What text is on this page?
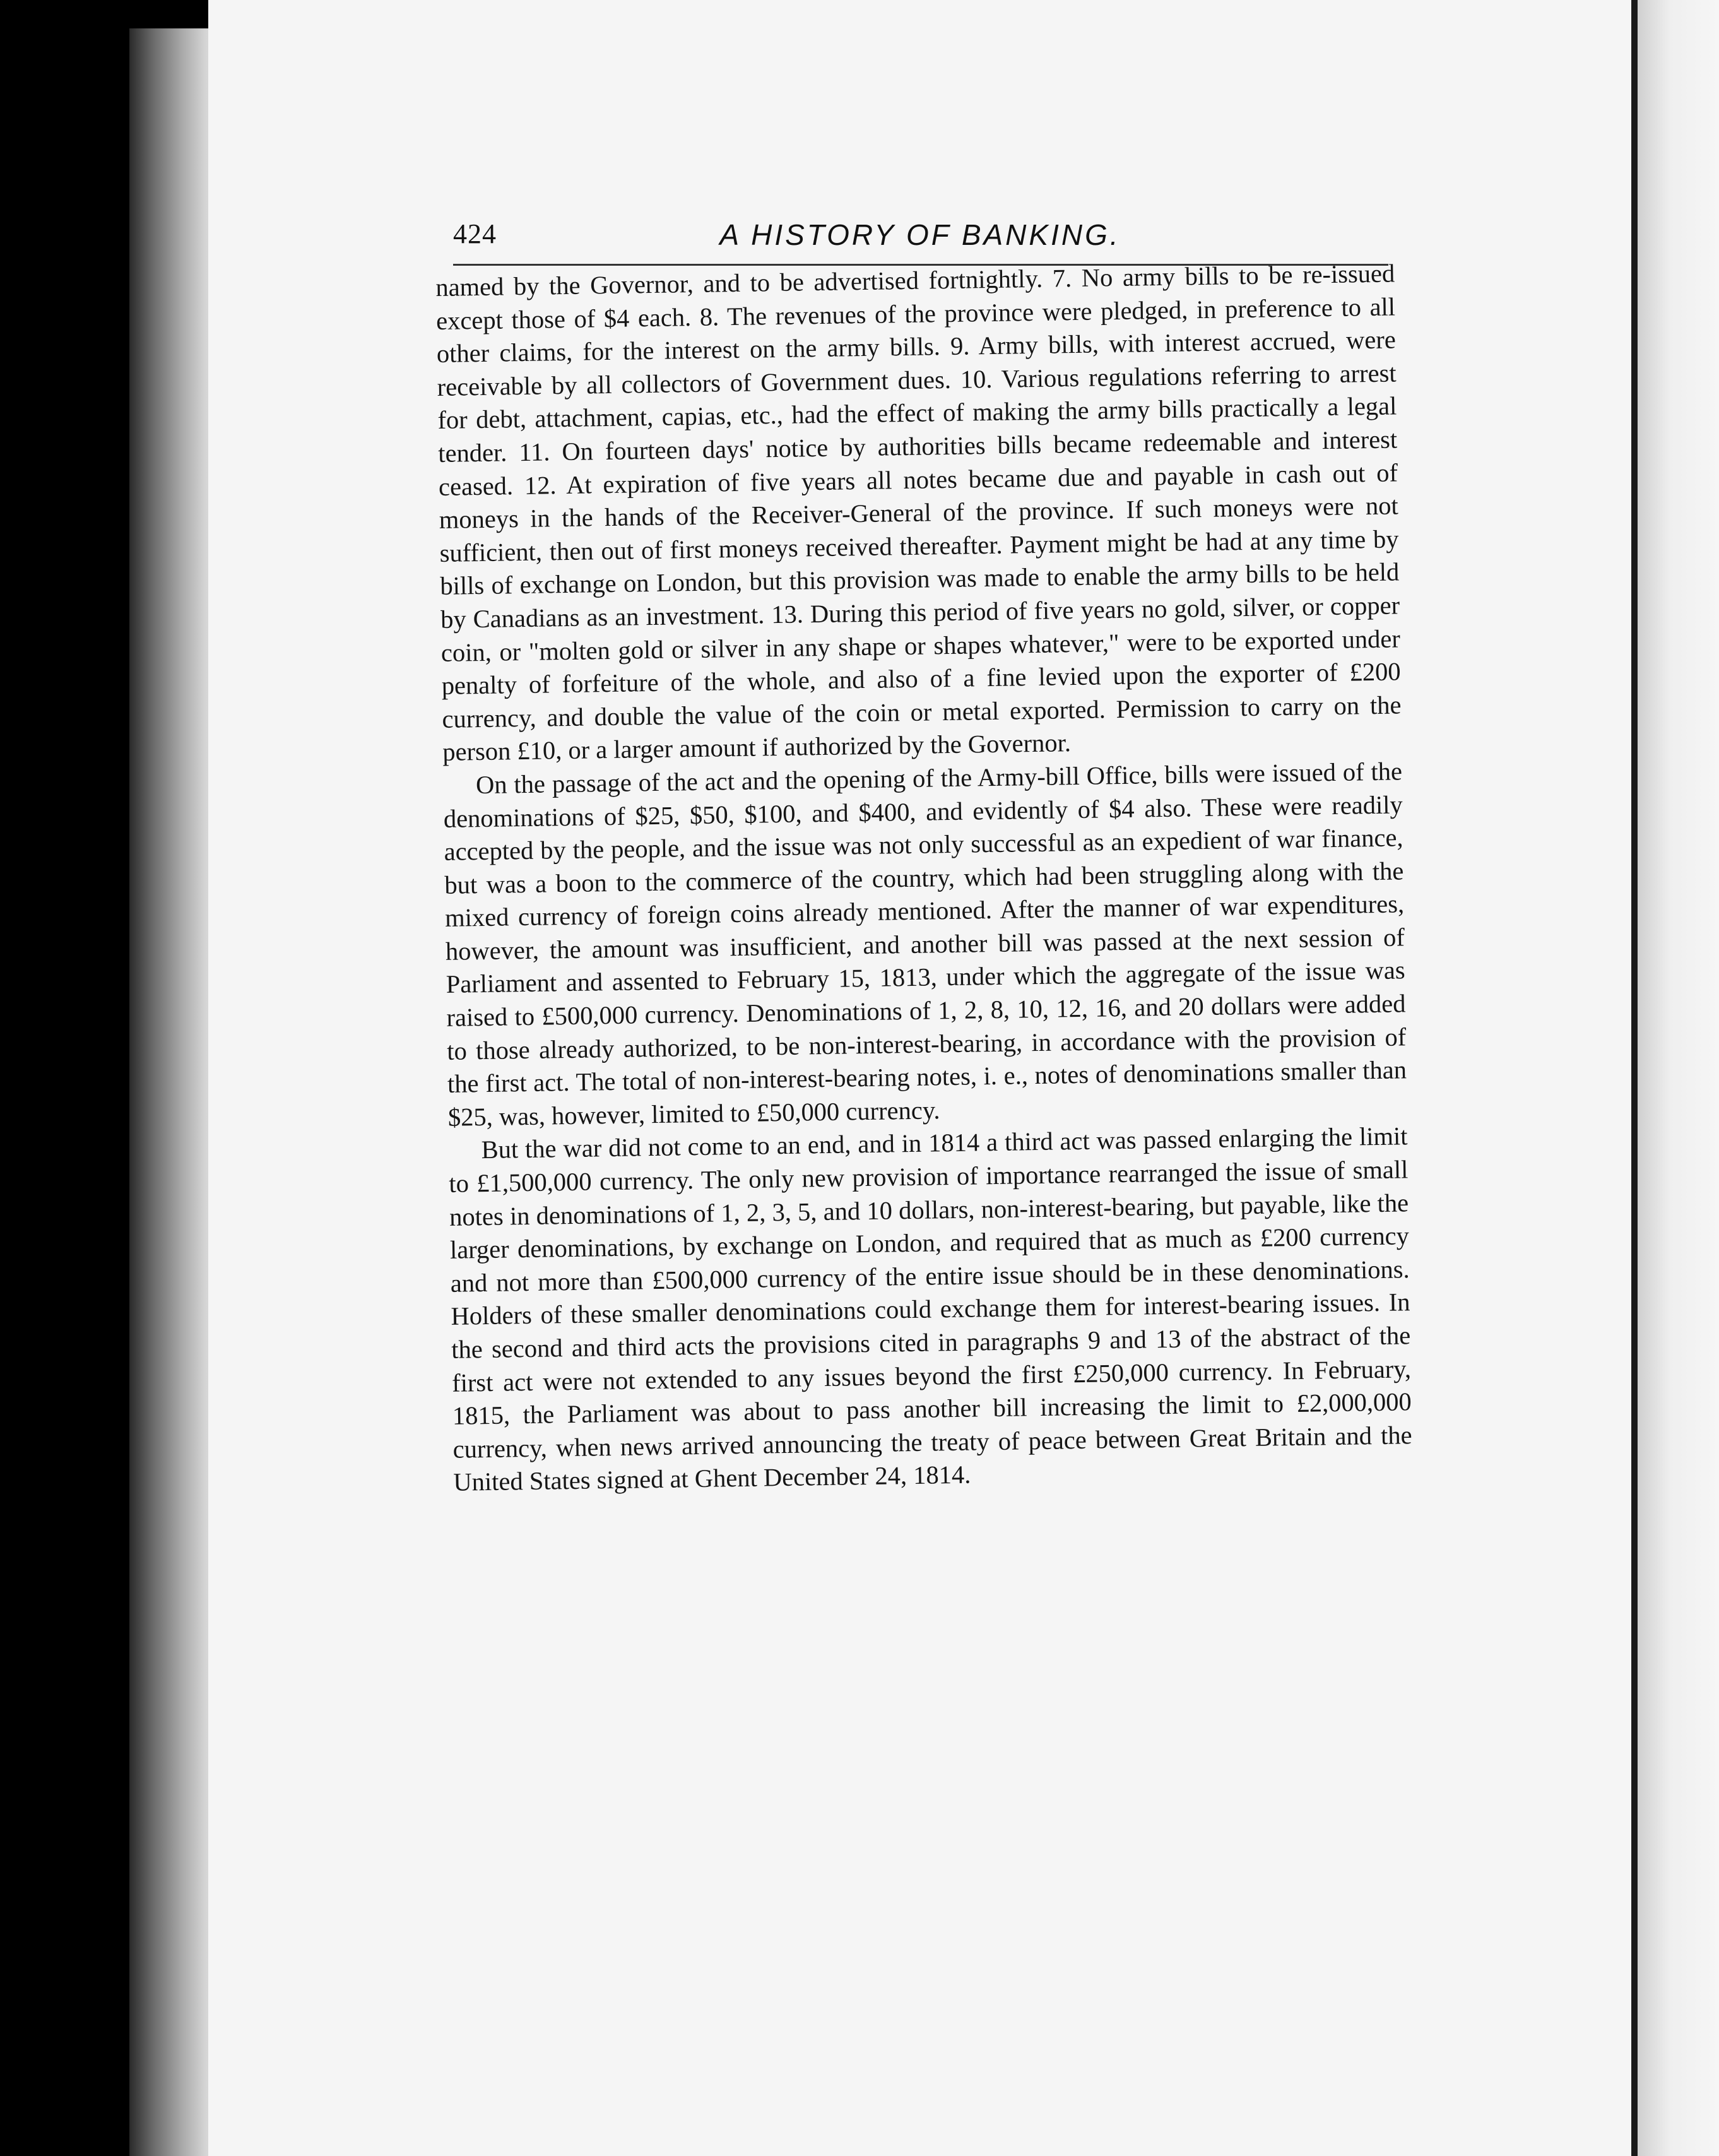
424	A HISTORY OF BANKING.

named by the Governor, and to be advertised fortnightly. 7. No army bills to be re-issued except those of $4 each. 8. The revenues of the province were pledged, in preference to all other claims, for the interest on the army bills. 9. Army bills, with interest accrued, were receivable by all collectors of Government dues. 10. Various regulations referring to arrest for debt, attachment, capias, etc., had the effect of making the army bills practically a legal tender. 11. On fourteen days' notice by authorities bills became redeemable and interest ceased. 12. At expiration of five years all notes became due and payable in cash out of moneys in the hands of the Receiver-General of the province. If such moneys were not sufficient, then out of first moneys received thereafter. Payment might be had at any time by bills of exchange on London, but this provision was made to enable the army bills to be held by Canadians as an investment. 13. During this period of five years no gold, silver, or copper coin, or "molten gold or silver in any shape or shapes whatever," were to be exported under penalty of forfeiture of the whole, and also of a fine levied upon the exporter of £200 currency, and double the value of the coin or metal exported. Permission to carry on the person £10, or a larger amount if authorized by the Governor.

On the passage of the act and the opening of the Army-bill Office, bills were issued of the denominations of $25, $50, $100, and $400, and evidently of $4 also. These were readily accepted by the people, and the issue was not only successful as an expedient of war finance, but was a boon to the commerce of the country, which had been struggling along with the mixed currency of foreign coins already mentioned. After the manner of war expenditures, however, the amount was insufficient, and another bill was passed at the next session of Parliament and assented to February 15, 1813, under which the aggregate of the issue was raised to £500,000 currency. Denominations of 1, 2, 8, 10, 12, 16, and 20 dollars were added to those already authorized, to be non-interest-bearing, in accordance with the provision of the first act. The total of non-interest-bearing notes, i. e., notes of denominations smaller than $25, was, however, limited to £50,000 currency.

But the war did not come to an end, and in 1814 a third act was passed enlarging the limit to £1,500,000 currency. The only new provision of importance rearranged the issue of small notes in denominations of 1, 2, 3, 5, and 10 dollars, non-interest-bearing, but payable, like the larger denominations, by exchange on London, and required that as much as £200 currency and not more than £500,000 currency of the entire issue should be in these denominations. Holders of these smaller denominations could exchange them for interest-bearing issues. In the second and third acts the provisions cited in paragraphs 9 and 13 of the abstract of the first act were not extended to any issues beyond the first £250,000 currency. In February, 1815, the Parliament was about to pass another bill increasing the limit to £2,000,000 currency, when news arrived announcing the treaty of peace between Great Britain and the United States signed at Ghent December 24, 1814.
